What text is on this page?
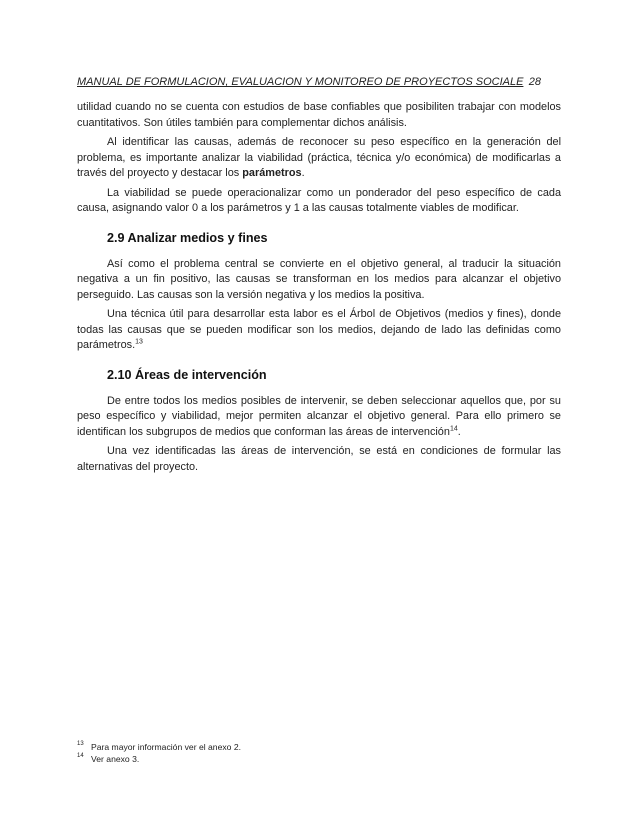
MANUAL DE FORMULACION, EVALUACION Y MONITOREO DE PROYECTOS SOCIALE 28

utilidad cuando no se cuenta con estudios de base confiables que posibiliten trabajar con modelos cuantitativos. Son útiles también para complementar dichos análisis.

Al identificar las causas, además de reconocer su peso específico en la generación del problema, es importante analizar la viabilidad (práctica, técnica y/o económica) de modificarlas a través del proyecto y destacar los parámetros.

La viabilidad se puede operacionalizar como un ponderador del peso específico de cada causa, asignando valor 0 a los parámetros y 1 a las causas totalmente viables de modificar.

2.9 Analizar medios y fines

Así como el problema central se convierte en el objetivo general, al traducir la situación negativa a un fin positivo, las causas se transforman en los medios para alcanzar el objetivo perseguido. Las causas son la versión negativa y los medios la positiva.

Una técnica útil para desarrollar esta labor es el Árbol de Objetivos (medios y fines), donde todas las causas que se pueden modificar son los medios, dejando de lado las definidas como parámetros.$^{13}$

2.10 Áreas de intervención

De entre todos los medios posibles de intervenir, se deben seleccionar aquellos que, por su peso específico y viabilidad, mejor permiten alcanzar el objetivo general. Para ello primero se identifican los subgrupos de medios que conforman las áreas de intervención$^{14}$.

Una vez identificadas las áreas de intervención, se está en condiciones de formular las alternativas del proyecto.

13 Para mayor información ver el anexo 2.
14 Ver anexo 3.
